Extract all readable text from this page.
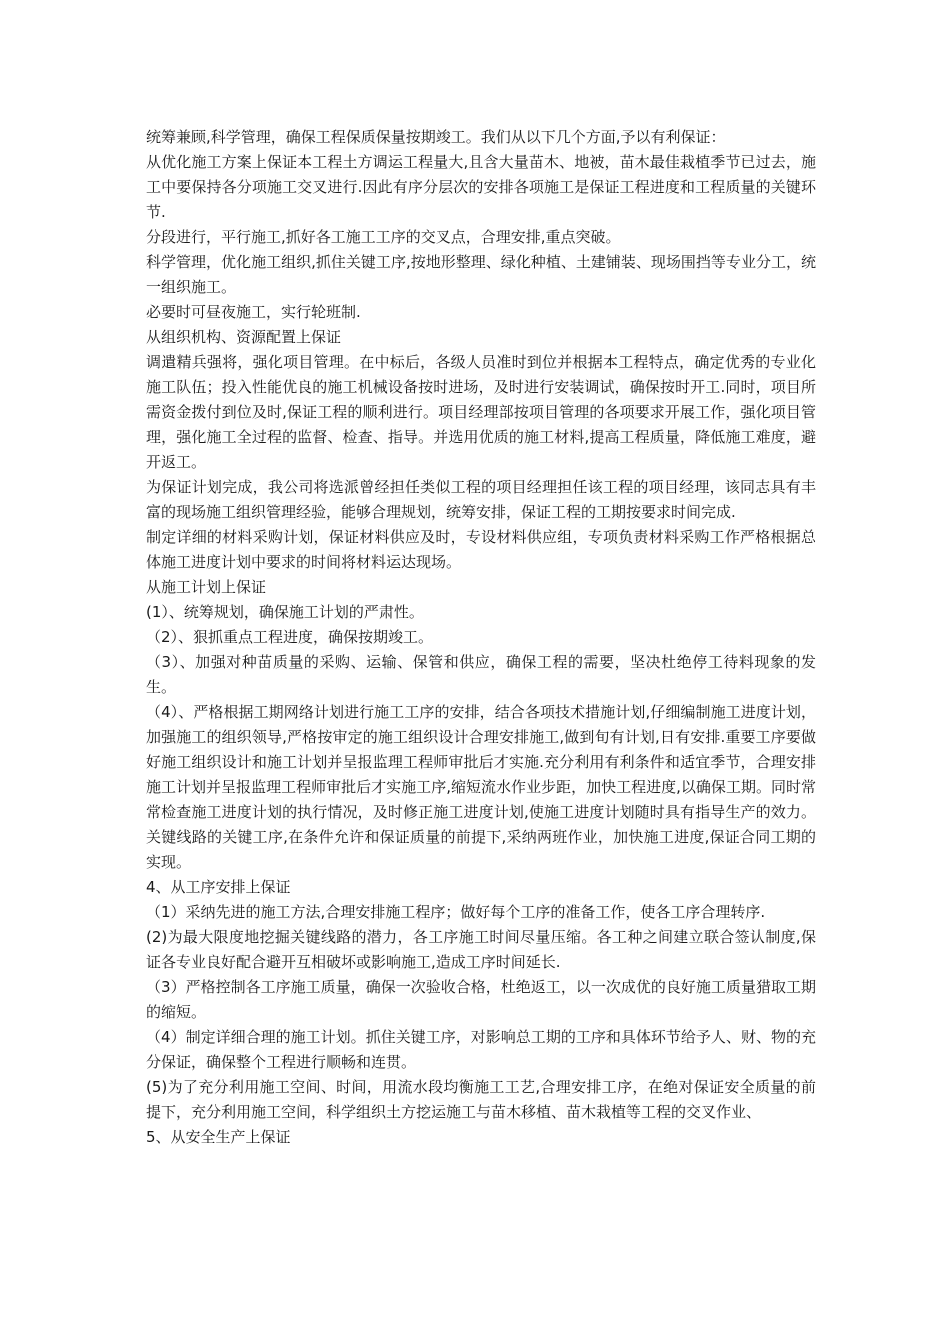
统筹兼顾,科学管理，确保工程保质保量按期竣工。我们从以下几个方面,予以有利保证：

从优化施工方案上保证本工程土方调运工程量大,且含大量苗木、地被，苗木最佳栽植季节已过去，施工中要保持各分项施工交叉进行.因此有序分层次的安排各项施工是保证工程进度和工程质量的关键环节.

分段进行，平行施工,抓好各工施工工序的交叉点，合理安排,重点突破。

科学管理，优化施工组织,抓住关键工序,按地形整理、绿化种植、土建铺装、现场围挡等专业分工，统一组织施工。

必要时可昼夜施工，实行轮班制.

从组织机构、资源配置上保证

调遣精兵强将，强化项目管理。在中标后，各级人员准时到位并根据本工程特点，确定优秀的专业化施工队伍；投入性能优良的施工机械设备按时进场，及时进行安装调试，确保按时开工.同时，项目所需资金拨付到位及时,保证工程的顺利进行。项目经理部按项目管理的各项要求开展工作，强化项目管理，强化施工全过程的监督、检查、指导。并选用优质的施工材料,提高工程质量，降低施工难度，避开返工。

为保证计划完成，我公司将选派曾经担任类似工程的项目经理担任该工程的项目经理，该同志具有丰富的现场施工组织管理经验，能够合理规划，统筹安排，保证工程的工期按要求时间完成.

制定详细的材料采购计划，保证材料供应及时，专设材料供应组，专项负责材料采购工作严格根据总体施工进度计划中要求的时间将材料运达现场。

从施工计划上保证

(1）、统筹规划，确保施工计划的严肃性。

（2）、狠抓重点工程进度，确保按期竣工。

（3）、加强对种苗质量的采购、运输、保管和供应，确保工程的需要，坚决杜绝停工待料现象的发生。

（4）、严格根据工期网络计划进行施工工序的安排，结合各项技术措施计划,仔细编制施工进度计划，加强施工的组织领导,严格按审定的施工组织设计合理安排施工,做到旬有计划,日有安排.重要工序要做好施工组织设计和施工计划并呈报监理工程师审批后才实施.充分利用有利条件和适宜季节，合理安排施工计划并呈报监理工程师审批后才实施工序,缩短流水作业步距，加快工程进度,以确保工期。同时常常检查施工进度计划的执行情况，及时修正施工进度计划,使施工进度计划随时具有指导生产的效力。关键线路的关键工序,在条件允许和保证质量的前提下,采纳两班作业，加快施工进度,保证合同工期的实现。

4、从工序安排上保证

（1）采纳先进的施工方法,合理安排施工程序；做好每个工序的准备工作，使各工序合理转序.

(2)为最大限度地挖掘关键线路的潜力，各工序施工时间尽量压缩。各工种之间建立联合签认制度,保证各专业良好配合避开互相破坏或影响施工,造成工序时间延长.

（3）严格控制各工序施工质量，确保一次验收合格，杜绝返工，以一次成优的良好施工质量猎取工期的缩短。

（4）制定详细合理的施工计划。抓住关键工序，对影响总工期的工序和具体环节给予人、财、物的充分保证，确保整个工程进行顺畅和连贯。

(5)为了充分利用施工空间、时间，用流水段均衡施工工艺,合理安排工序，在绝对保证安全质量的前提下，充分利用施工空间，科学组织土方挖运施工与苗木移植、苗木栽植等工程的交叉作业、

5、从安全生产上保证
